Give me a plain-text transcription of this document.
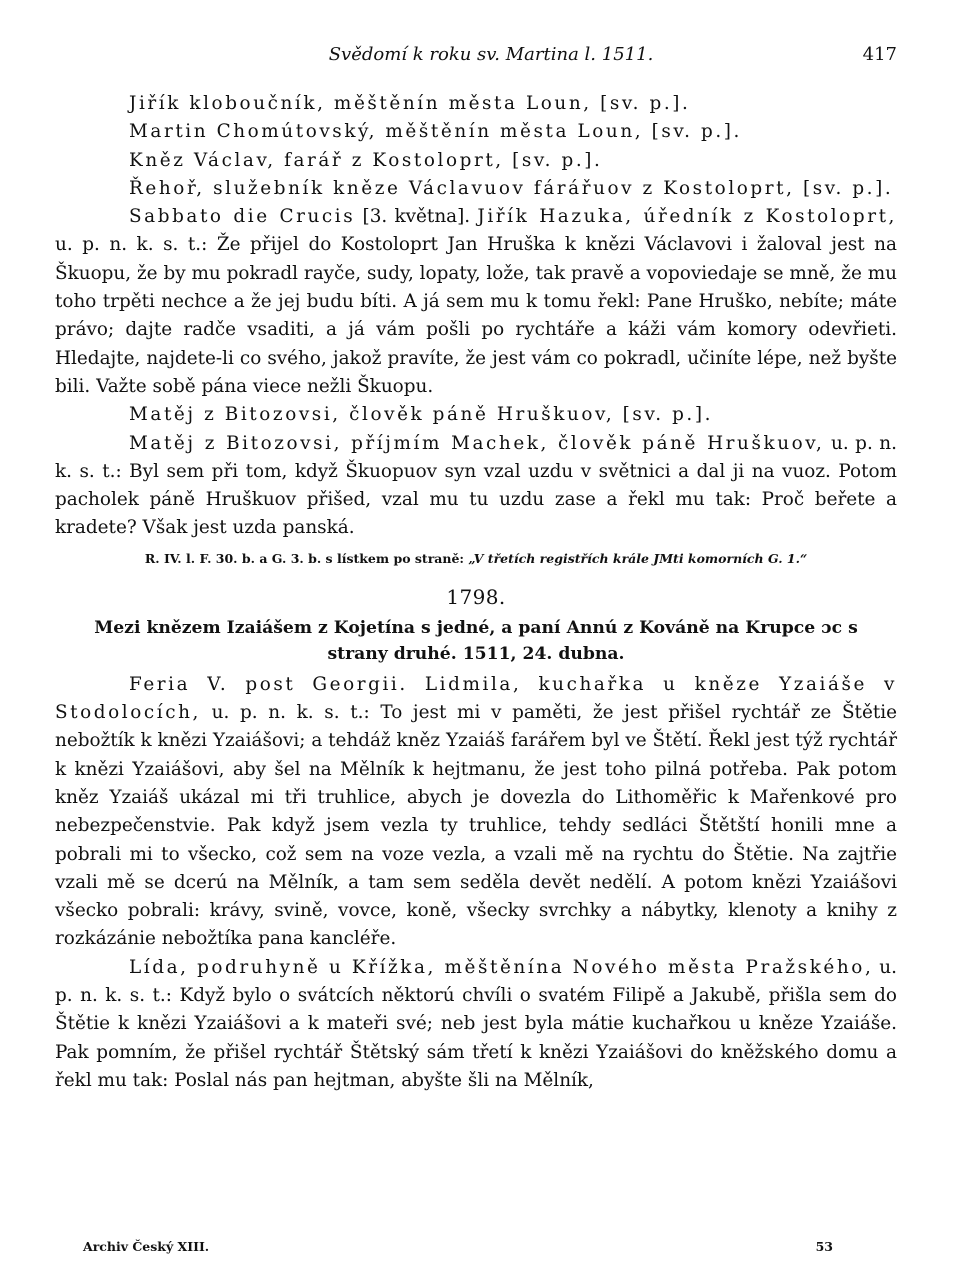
Svědomí k roku sv. Martina l. 1511.	417

Jiřík kloboučník, měštěnín města Loun, [sv. p.].

Martin Chomútovský, měštěnín města Loun, [sv. p.].

Kněz Václav, farář z Kostoloprt, [sv. p.].

Řehoř, služebník kněze Václavuov fárářuov z Kostoloprt, [sv. p.].

Sabbato die Crucis [3. května]. Jiřík Hazuka, úředník z Kostoloprt, u. p. n. k. s. t.: Že přijel do Kostoloprt Jan Hruška k knězi Václavovi i žaloval jest na Škuopu, že by mu pokradl rayče, sudy, lopaty, lože, tak pravě a vopoviedaje se mně, že mu toho trpěti nechce a že jej budu bíti. A já sem mu k tomu řekl: Pane Hruško, nebíte; máte právo; dajte radče vsaditi, a já vám pošli po rychtáře a káži vám komory odevřieti. Hledajte, najdete-li co svého, jakož pravíte, že jest vám co pokradl, učiníte lépe, než byšte bili. Važte sobě pána viece nežli Škuopu.

Matěj z Bitozovsi, člověk páně Hruškuov, [sv. p.].

Matěj z Bitozovsi, příjmím Machek, člověk páně Hruškuov, u. p. n. k. s. t.: Byl sem při tom, když Škuopuov syn vzal uzdu v světnici a dal ji na vuoz. Potom pacholek páně Hruškuov přišed, vzal mu tu uzdu zase a řekl mu tak: Proč beřete a kradete? Však jest uzda panská.

R. IV. l. F. 30. b. a G. 3. b. s lístkem po straně: „V třetích registřích krále JMti komorních G. 1.“
1798.
Mezi knězem Izaiášem z Kojetína s jedné, a paní Annú z Kováně na Krupce ɔc s strany druhé. 1511, 24. dubna.

Feria V. post Georgii. Lidmila, kuchařka u kněze Yzaiáše v Stodolocích, u. p. n. k. s. t.: To jest mi v paměti, že jest přišel rychtář ze Štětie nebožtík k knězi Yzaiášovi; a tehdáž kněz Yzaiáš farářem byl ve Štětí. Řekl jest týž rychtář k knězi Yzaiášovi, aby šel na Mělník k hejtmanu, že jest toho pilná potřeba. Pak potom kněz Yzaiáš ukázal mi tři truhlice, abych je dovezla do Lithoměřic k Mařenkové pro nebezpečenstvie. Pak když jsem vezla ty truhlice, tehdy sedláci Štětští honili mne a pobrali mi to všecko, což sem na voze vezla, a vzali mě na rychtu do Štětie. Na zajtřie vzali mě se dcerú na Mělník, a tam sem seděla devět nedělí. A potom knězi Yzaiášovi všecko pobrali: krávy, svině, vovce, koně, všecky svrchky a nábytky, klenoty a knihy z rozkázánie nebožtíka pana kancléře.

Lída, podruhyně u Křížka, měštěnína Nového města Pražského, u. p. n. k. s. t.: Když bylo o svátcích něktorú chvíli o svatém Filipě a Jakubě, přišla sem do Štětie k knězi Yzaiášovi a k mateři své; neb jest byla mátie kuchařkou u kněze Yzaiáše. Pak pomním, že přišel rychtář Štětský sám třetí k knězi Yzaiášovi do kněžského domu a řekl mu tak: Poslal nás pan hejtman, abyšte šli na Mělník,

Archiv Český XIII.	53
